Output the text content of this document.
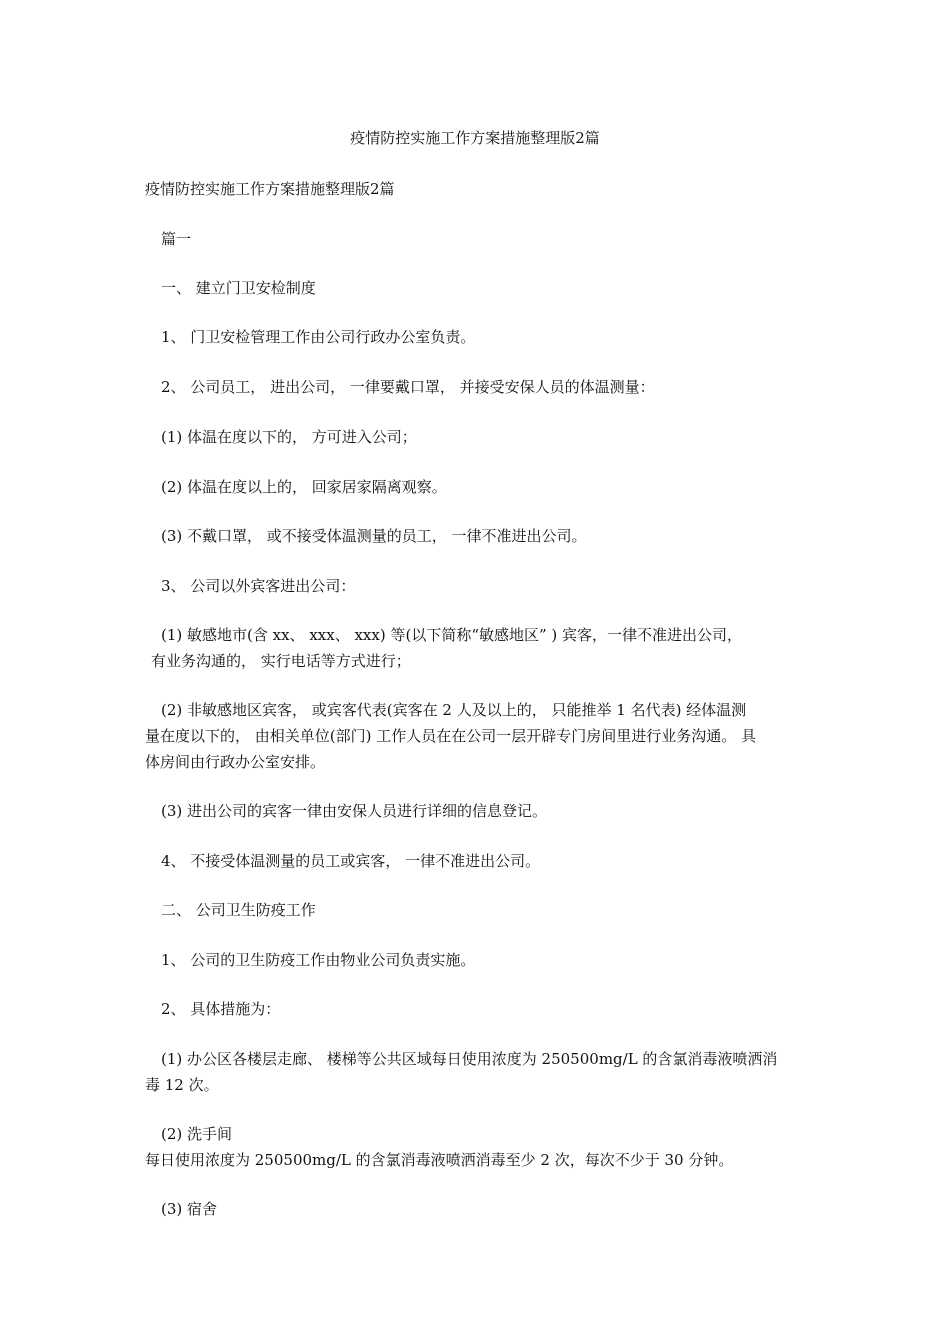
疫情防控实施工作方案措施整理版2篇
疫情防控实施工作方案措施整理版2篇
篇一
一、 建立门卫安检制度
1、 门卫安检管理工作由公司行政办公室负责。
2、 公司员工， 进出公司， 一律要戴口罩， 并接受安保人员的体温测量：
(1) 体温在度以下的， 方可进入公司；
(2) 体温在度以上的， 回家居家隔离观察。
(3) 不戴口罩， 或不接受体温测量的员工， 一律不准进出公司。
3、 公司以外宾客进出公司：
(1) 敏感地市(含 xx、 xxx、 xxx) 等(以下简称“敏感地区” ) 宾客，一律不准进出公司，
有业务沟通的， 实行电话等方式进行；
(2) 非敏感地区宾客， 或宾客代表(宾客在 2 人及以上的， 只能推举 1 名代表) 经体温测
量在度以下的， 由相关单位(部门) 工作人员在在公司一层开辟专门房间里进行业务沟通。 具
体房间由行政办公室安排。
(3) 进出公司的宾客一律由安保人员进行详细的信息登记。
4、 不接受体温测量的员工或宾客， 一律不准进出公司。
二、 公司卫生防疫工作
1、 公司的卫生防疫工作由物业公司负责实施。
2、 具体措施为：
(1) 办公区各楼层走廊、 楼梯等公共区域每日使用浓度为 250500mg/L 的含氯消毒液喷洒消
毒 12 次。
(2) 洗手间
每日使用浓度为 250500mg/L 的含氯消毒液喷洒消毒至少 2 次，每次不少于 30 分钟。
(3) 宿舍
